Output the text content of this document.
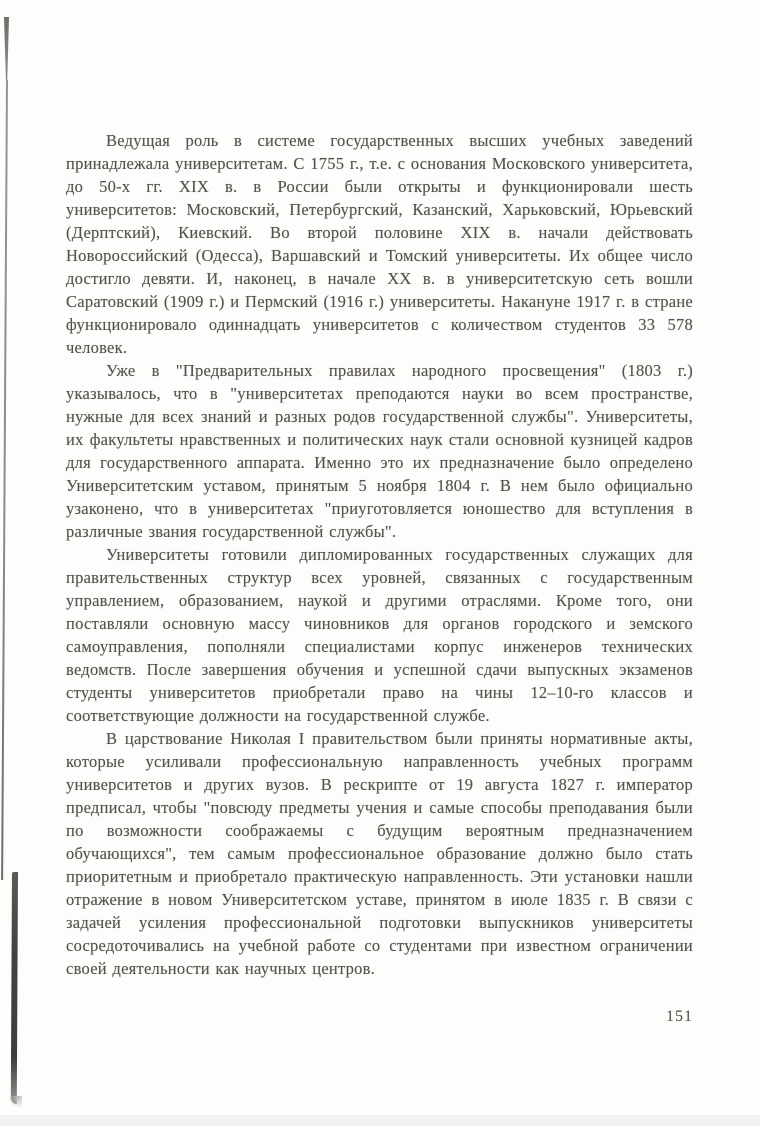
Ведущая роль в системе государственных высших учебных заведений принадлежала университетам. С 1755 г., т.е. с основания Московского университета, до 50-х гг. XIX в. в России были открыты и функционировали шесть университетов: Московский, Петербургский, Казанский, Харьковский, Юрьевский (Дерптский), Киевский. Во второй половине XIX в. начали действовать Новороссийский (Одесса), Варшавский и Томский университеты. Их общее число достигло девяти. И, наконец, в начале XX в. в университетскую сеть вошли Саратовский (1909 г.) и Пермский (1916 г.) университеты. Накануне 1917 г. в стране функционировало одиннадцать университетов с количеством студентов 33 578 человек.

Уже в "Предварительных правилах народного просвещения" (1803 г.) указывалось, что в "университетах преподаются науки во всем пространстве, нужные для всех знаний и разных родов государственной службы". Университеты, их факультеты нравственных и политических наук стали основной кузницей кадров для государственного аппарата. Именно это их предназначение было определено Университетским уставом, принятым 5 ноября 1804 г. В нем было официально узаконено, что в университетах "приуготовляется юношество для вступления в различные звания государственной службы".

Университеты готовили дипломированных государственных служащих для правительственных структур всех уровней, связанных с государственным управлением, образованием, наукой и другими отраслями. Кроме того, они поставляли основную массу чиновников для органов городского и земского самоуправления, пополняли специалистами корпус инженеров технических ведомств. После завершения обучения и успешной сдачи выпускных экзаменов студенты университетов приобретали право на чины 12–10-го классов и соответствующие должности на государственной службе.

В царствование Николая I правительством были приняты нормативные акты, которые усиливали профессиональную направленность учебных программ университетов и других вузов. В рескрипте от 19 августа 1827 г. император предписал, чтобы "повсюду предметы учения и самые способы преподавания были по возможности соображаемы с будущим вероятным предназначением обучающихся", тем самым профессиональное образование должно было стать приоритетным и приобретало практическую направленность. Эти установки нашли отражение в новом Университетском уставе, принятом в июле 1835 г. В связи с задачей усиления профессиональной подготовки выпускников университеты сосредоточивались на учебной работе со студентами при известном ограничении своей деятельности как научных центров.

151
